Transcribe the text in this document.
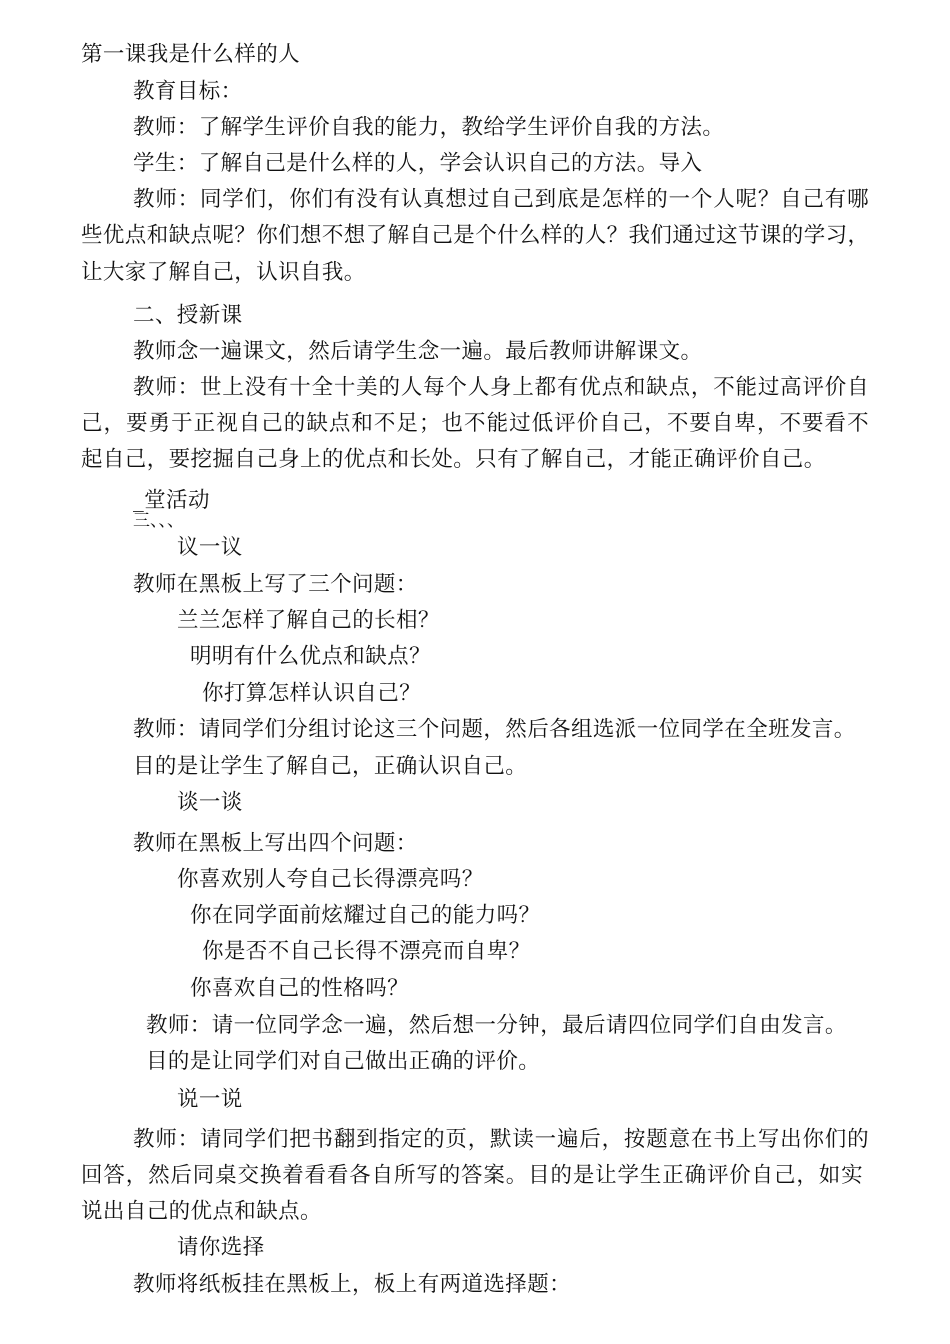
第一课我是什么样的人
教育目标：
教师：了解学生评价自我的能力，教给学生评价自我的方法。
学生：了解自己是什么样的人，学会认识自己的方法。导入
教师：同学们，你们有没有认真想过自己到底是怎样的一个人呢？自己有哪
些优点和缺点呢？你们想不想了解自己是个什么样的人？我们通过这节课的学习，
让大家了解自己，认识自我。
二、授新课
教师念一遍课文，然后请学生念一遍。最后教师讲解课文。
教师：世上没有十全十美的人每个人身上都有优点和缺点，不能过高评价自
己，要勇于正视自己的缺点和不足；也不能过低评价自己，不要自卑，不要看不
起自己，要挖掘自己身上的优点和长处。只有了解自己，才能正确评价自己。
_堂活动
三、、、
议一议
教师在黑板上写了三个问题：
兰兰怎样了解自己的长相？
明明有什么优点和缺点？
你打算怎样认识自己？
教师：请同学们分组讨论这三个问题，然后各组选派一位同学在全班发言。
目的是让学生了解自己，正确认识自己。
谈一谈
教师在黑板上写出四个问题：
你喜欢别人夸自己长得漂亮吗？
你在同学面前炫耀过自己的能力吗？
你是否不自己长得不漂亮而自卑？
你喜欢自己的性格吗？
教师：请一位同学念一遍，然后想一分钟，最后请四位同学们自由发言。
目的是让同学们对自己做出正确的评价。
说一说
教师：请同学们把书翻到指定的页，默读一遍后，按题意在书上写出你们的
回答，然后同桌交换着看看各自所写的答案。目的是让学生正确评价自己，如实
说出自己的优点和缺点。
请你选择
教师将纸板挂在黑板上，板上有两道选择题：
